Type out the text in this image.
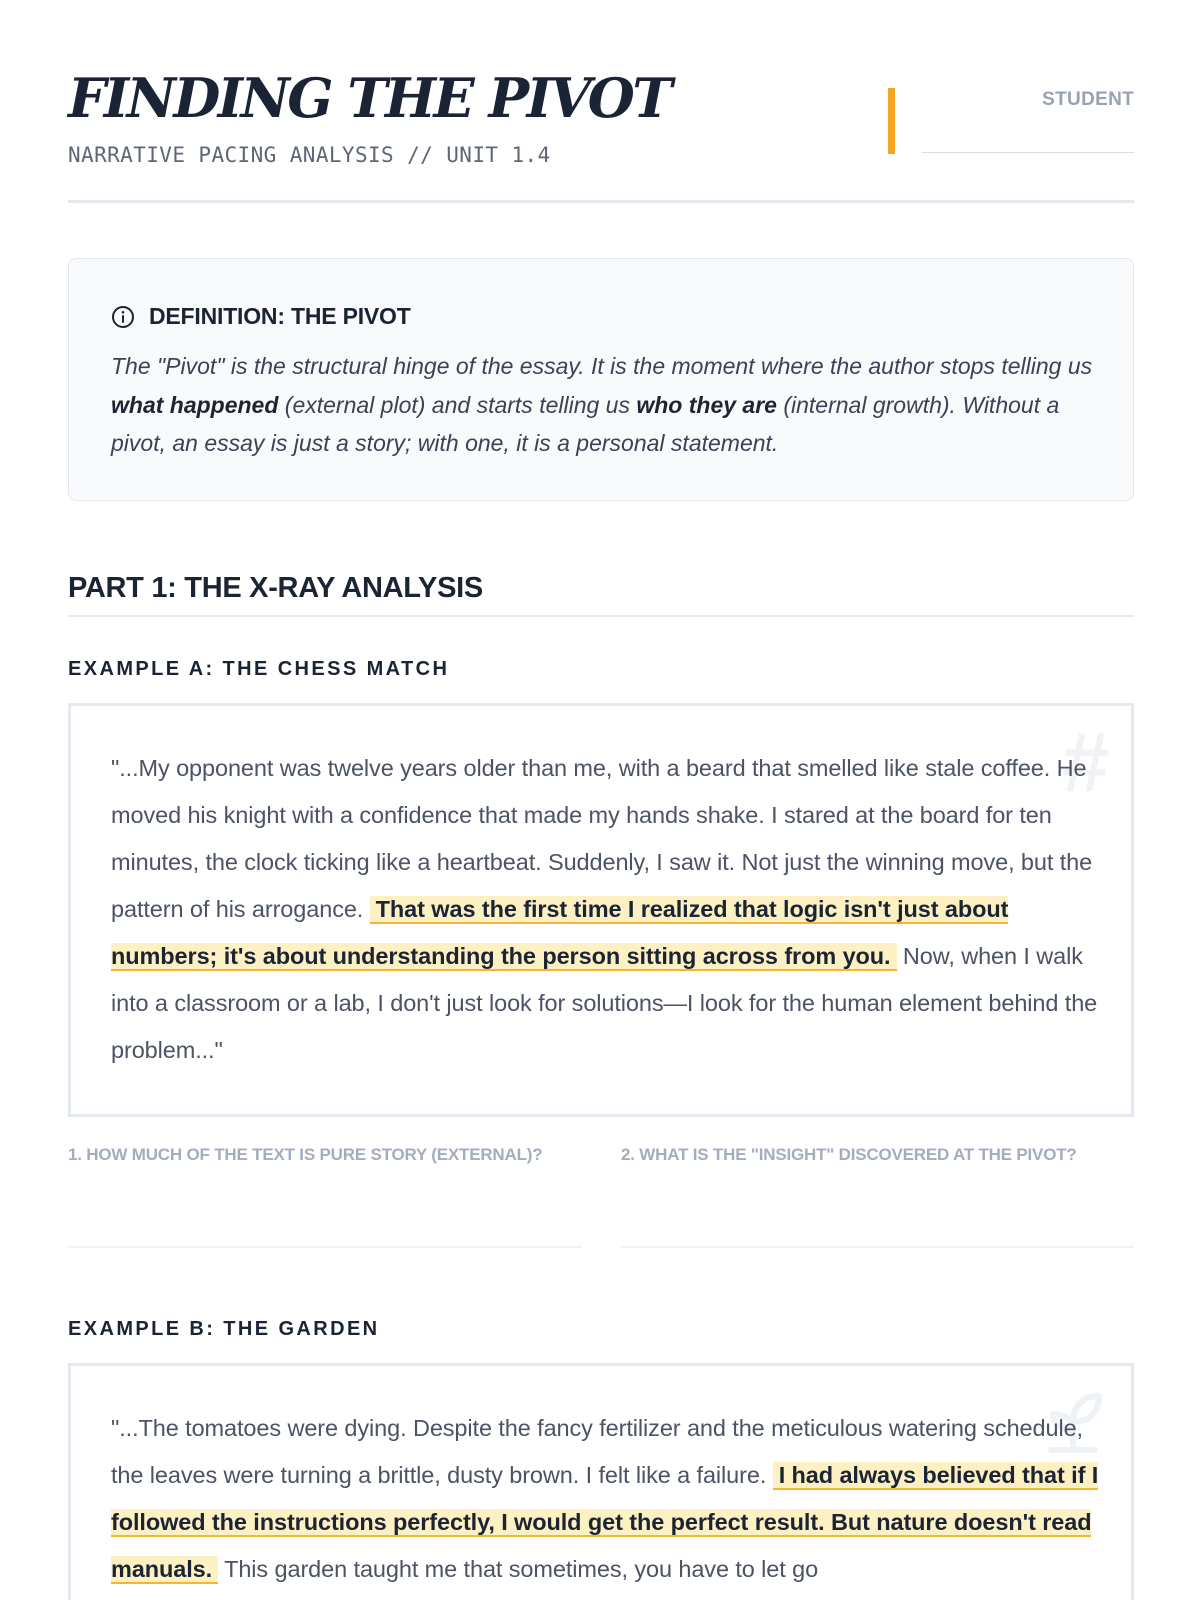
FINDING THE PIVOT
NARRATIVE PACING ANALYSIS // UNIT 1.4
STUDENT
DEFINITION: THE PIVOT
The "Pivot" is the structural hinge of the essay. It is the moment where the author stops telling us what happened (external plot) and starts telling us who they are (internal growth). Without a pivot, an essay is just a story; with one, it is a personal statement.
PART 1: THE X-RAY ANALYSIS
EXAMPLE A: THE CHESS MATCH
#
"...My opponent was twelve years older than me, with a beard that smelled like stale coffee. He moved his knight with a confidence that made my hands shake. I stared at the board for ten minutes, the clock ticking like a heartbeat. Suddenly, I saw it. Not just the winning move, but the pattern of his arrogance. That was the first time I realized that logic isn't just about numbers; it's about understanding the person sitting across from you. Now, when I walk into a classroom or a lab, I don't just look for solutions—I look for the human element behind the problem..."
1. HOW MUCH OF THE TEXT IS PURE STORY (EXTERNAL)?	2. WHAT IS THE "INSIGHT" DISCOVERED AT THE PIVOT?
EXAMPLE B: THE GARDEN
"...The tomatoes were dying. Despite the fancy fertilizer and the meticulous watering schedule, the leaves were turning a brittle, dusty brown. I felt like a failure. I had always believed that if I followed the instructions perfectly, I would get the perfect result. But nature doesn't read manuals. This garden taught me that sometimes, you have to let go
